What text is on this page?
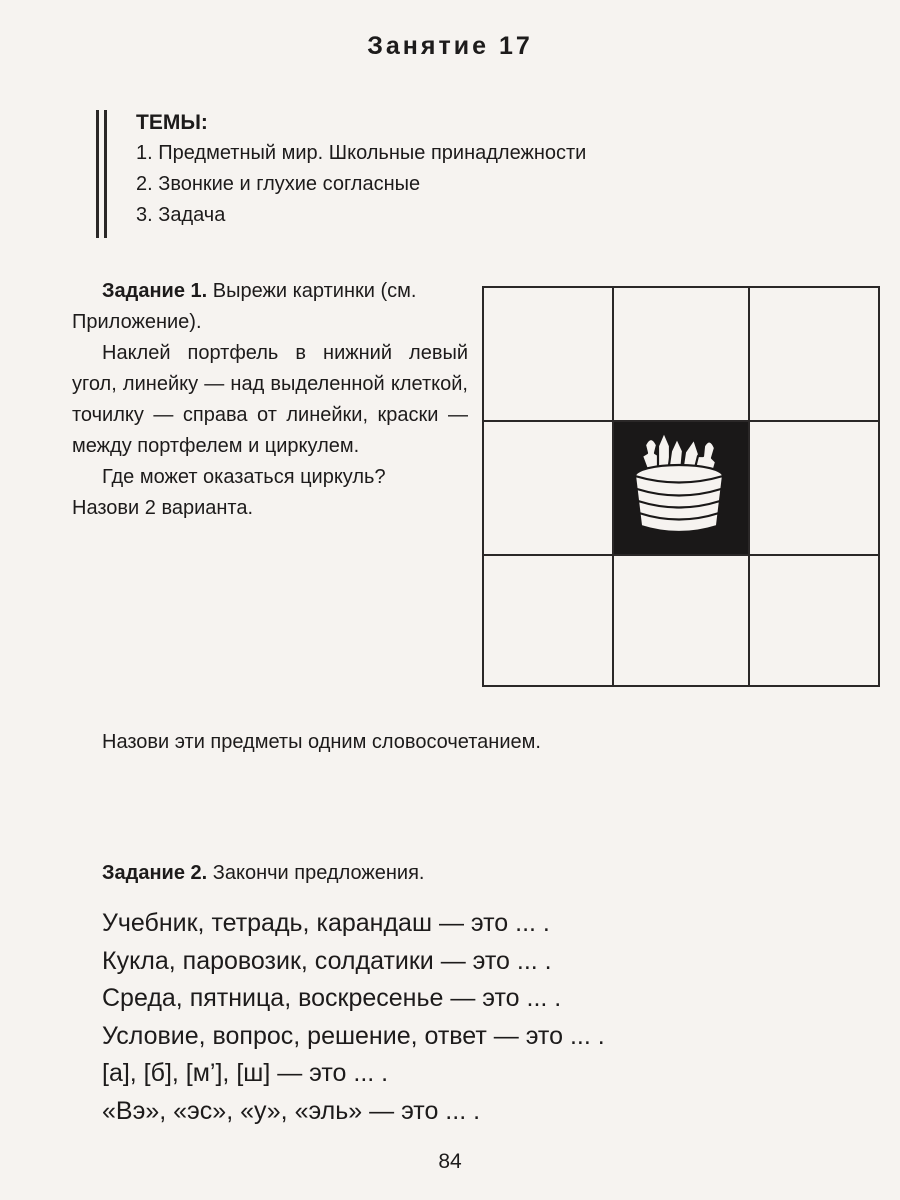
Занятие 17
ТЕМЫ:
1. Предметный мир. Школьные принадлежности
2. Звонкие и глухие согласные
3. Задача

Задание 1. Вырежи картинки (см. Приложение).

Наклей портфель в нижний левый угол, линейку — над выделенной клеткой, точилку — справа от линейки, краски — между портфелем и циркулем.

Где может оказаться циркуль?

Назови 2 варианта.

Назови эти предметы одним словосочетанием.
Задание 2. Закончи предложения.
Учебник, тетрадь, карандаш — это ... .
Кукла, паровозик, солдатики — это ... .
Среда, пятница, воскресенье — это ... .
Условие, вопрос, решение, ответ — это ... .
[а], [б], [м’], [ш] — это ... .
«Вэ», «эс», «у», «эль» — это ... .
84
